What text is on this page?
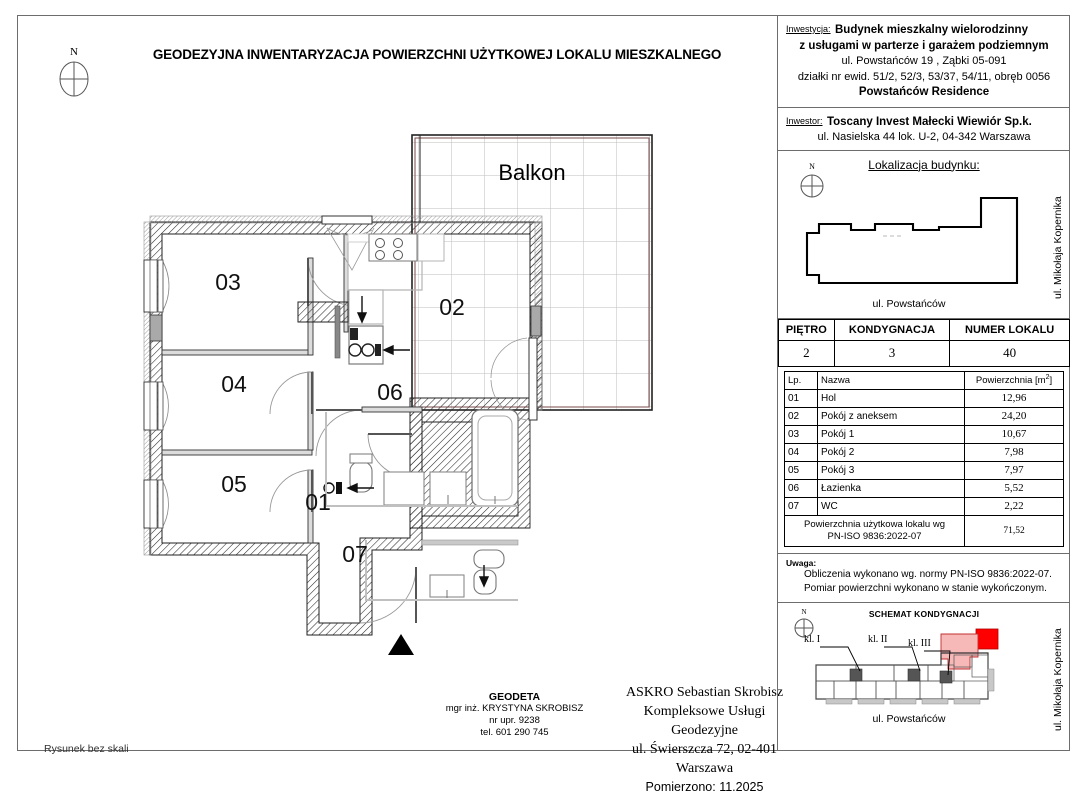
N	GEODEZYJNA INWENTARYZACJA POWIERZCHNI UŻYTKOWEJ LOKALU MIESZKALNEGO
Balkon
01
02
03
04
05
06
07
Rysunek bez skali
GEODETA
mgr inż. KRYSTYNA SKROBISZ
nr upr. 9238
tel. 601 290 745
ASKRO Sebastian Skrobisz
Kompleksowe Usługi Geodezyjne
ul. Świerszcza 72, 02-401 Warszawa
Pomierzono: 11.2025
Inwestycja: Budynek mieszkalny wielorodzinny
z usługami w parterze i garażem podziemnym
ul. Powstańców 19 , Ząbki 05-091
działki nr ewid. 51/2, 52/3, 53/37, 54/11, obręb 0056
Powstańców Residence
Inwestor: Toscany Invest Małecki Wiewiór Sp.k.
ul. Nasielska 44 lok. U-2, 04-342 Warszawa
Lokalizacja budynku:
N
ul. Powstańców
ul. Mikołaja Kopernika
PIĘTRO	KONDYGNACJA	NUMER LOKALU
2	3	40
Lp.	Nazwa	Powierzchnia $[m^2]$
01	Hol	12,96
02	Pokój z aneksem	24,20
03	Pokój 1	10,67
04	Pokój 2	7,98
05	Pokój 3	7,97
06	Łazienka	5,52
07	WC	2,22
Powierzchnia użytkowa lokalu wg
PN-ISO 9836:2022-07		71,52
Uwaga:
Obliczenia wykonano wg. normy PN-ISO 9836:2022-07.
Pomiar powierzchni wykonano w stanie wykończonym.
SCHEMAT KONDYGNACJI
N
kl. I	kl. II kl. III
ul. Powstańców	ul. Mikołaja Kopernika
